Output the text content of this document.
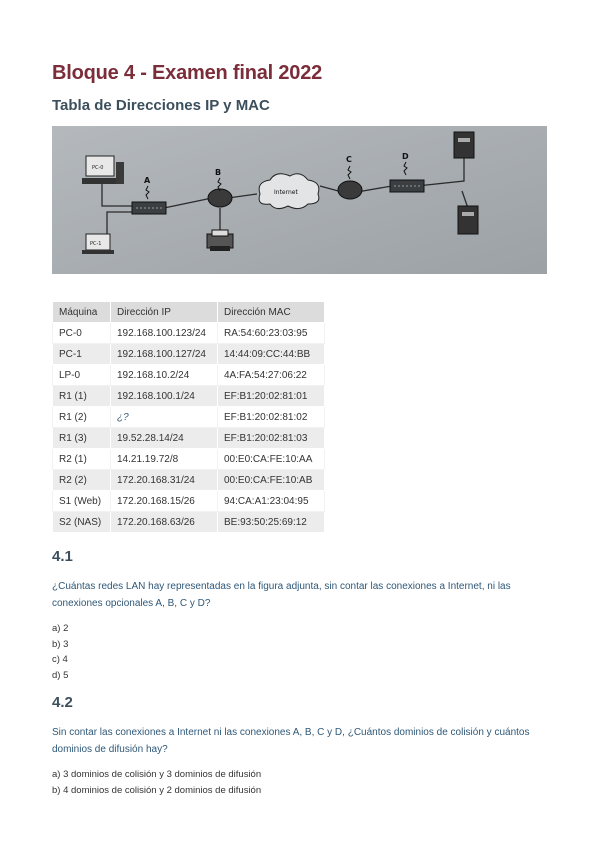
Bloque 4 - Examen final 2022
Tabla de Direcciones IP y MAC
PC-0
PC-1
A
B
Internet
C	D
Máquina	Dirección IP	Dirección MAC
PC-0	192.168.100.123/24	RA:54:60:23:03:95
PC-1	192.168.100.127/24	14:44:09:CC:44:BB
LP-0	192.168.10.2/24	4A:FA:54:27:06:22
R1 (1)	192.168.100.1/24	EF:B1:20:02:81:01
R1 (2)	¿?	EF:B1:20:02:81:02
R1 (3)	19.52.28.14/24	EF:B1:20:02:81:03
R2 (1)	14.21.19.72/8	00:E0:CA:FE:10:AA
R2 (2)	172.20.168.31/24	00:E0:CA:FE:10:AB
S1 (Web)	172.20.168.15/26	94:CA:A1:23:04:95
S2 (NAS)	172.20.168.63/26	BE:93:50:25:69:12
4.1
¿Cuántas redes LAN hay representadas en la figura adjunta, sin contar las conexiones a Internet, ni las conexiones opcionales A, B, C y D?
a) 2
b) 3
c) 4
d) 5
4.2
Sin contar las conexiones a Internet ni las conexiones A, B, C y D, ¿Cuántos dominios de colisión y cuántos dominios de difusión hay?
a) 3 dominios de colisión y 3 dominios de difusión
b) 4 dominios de colisión y 2 dominios de difusión
